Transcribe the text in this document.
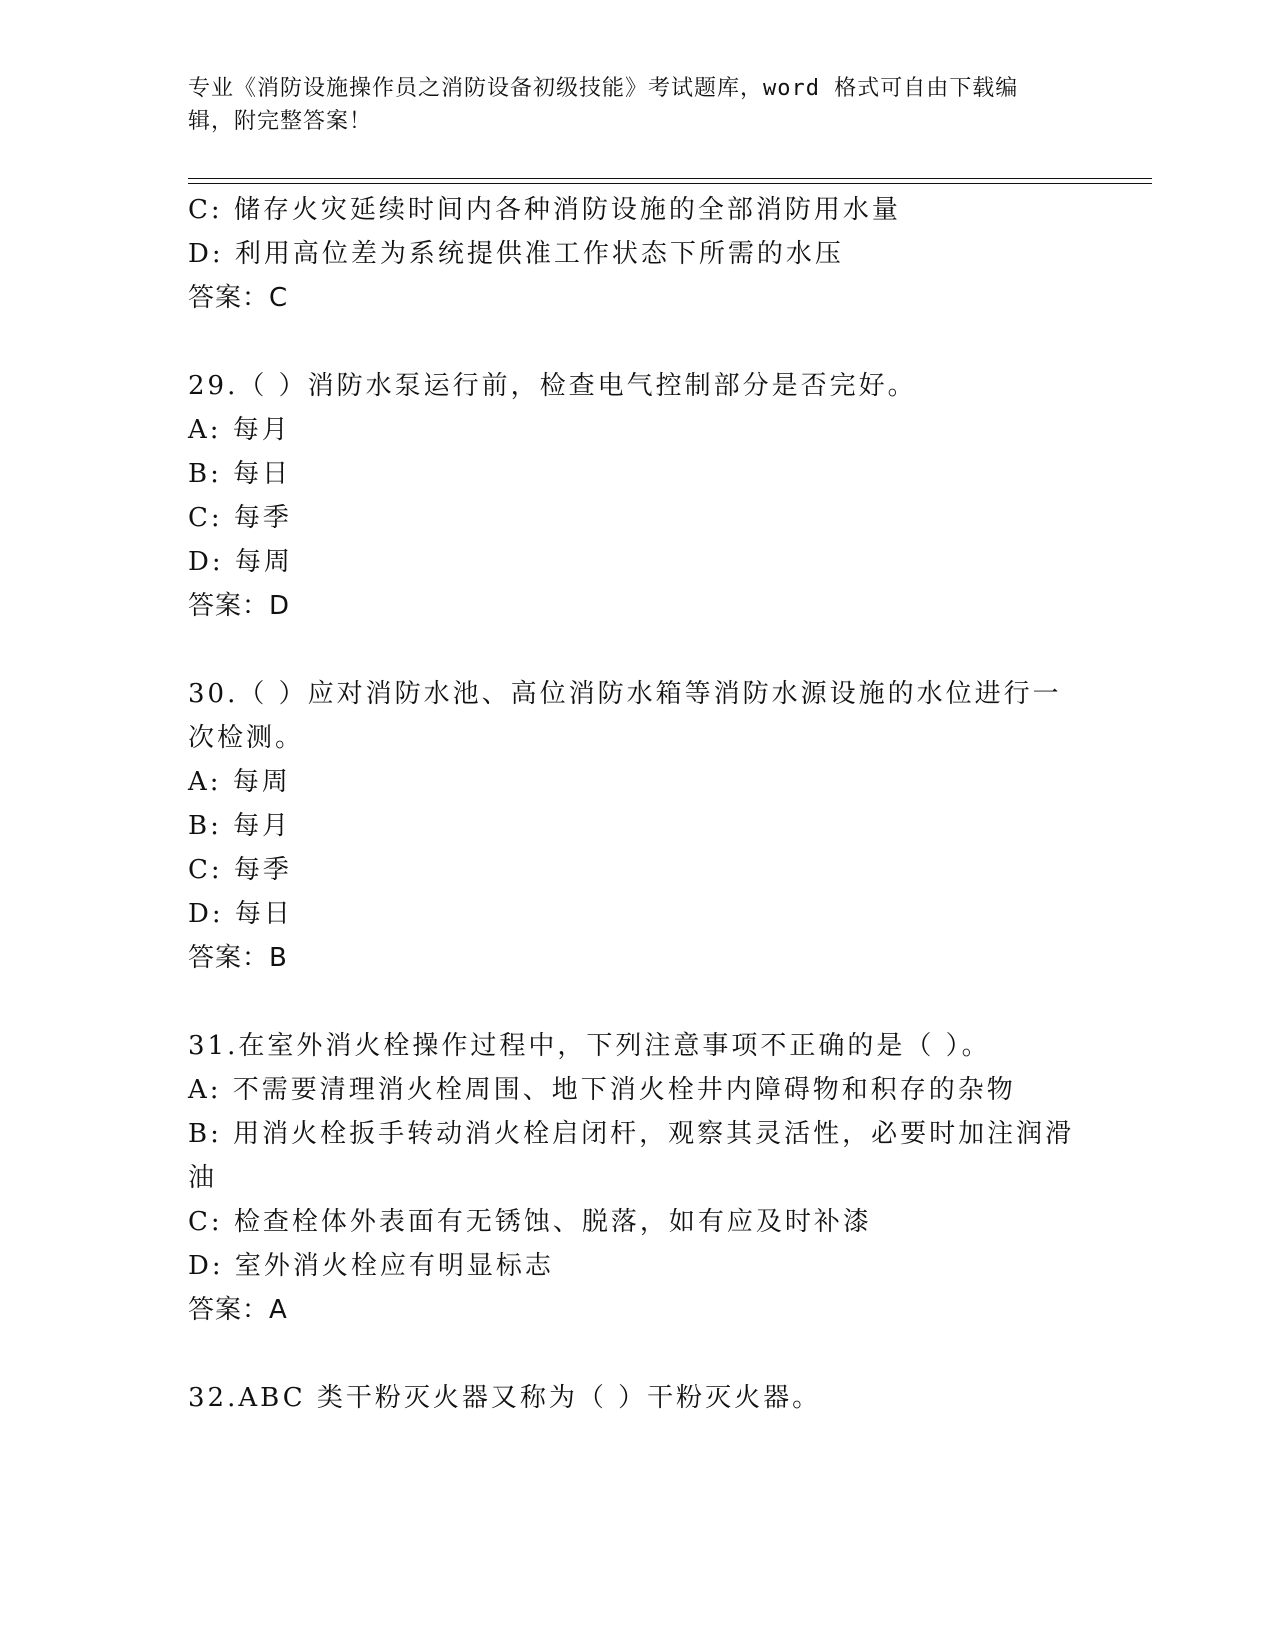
专业《消防设施操作员之消防设备初级技能》考试题库，word 格式可自由下载编
辑，附完整答案！
C: 储存火灾延续时间内各种消防设施的全部消防用水量
D: 利用高位差为系统提供准工作状态下所需的水压
答案：C
29.（ ）消防水泵运行前，检查电气控制部分是否完好。
A: 每月
B: 每日
C: 每季
D: 每周
答案：D
30.（ ）应对消防水池、高位消防水箱等消防水源设施的水位进行一
次检测。
A: 每周
B: 每月
C: 每季
D: 每日
答案：B
31.在室外消火栓操作过程中，下列注意事项不正确的是（ ）。
A: 不需要清理消火栓周围、地下消火栓井内障碍物和积存的杂物
B: 用消火栓扳手转动消火栓启闭杆，观察其灵活性，必要时加注润滑
油
C: 检查栓体外表面有无锈蚀、脱落，如有应及时补漆
D: 室外消火栓应有明显标志
答案：A
32.ABC 类干粉灭火器又称为（ ）干粉灭火器。
